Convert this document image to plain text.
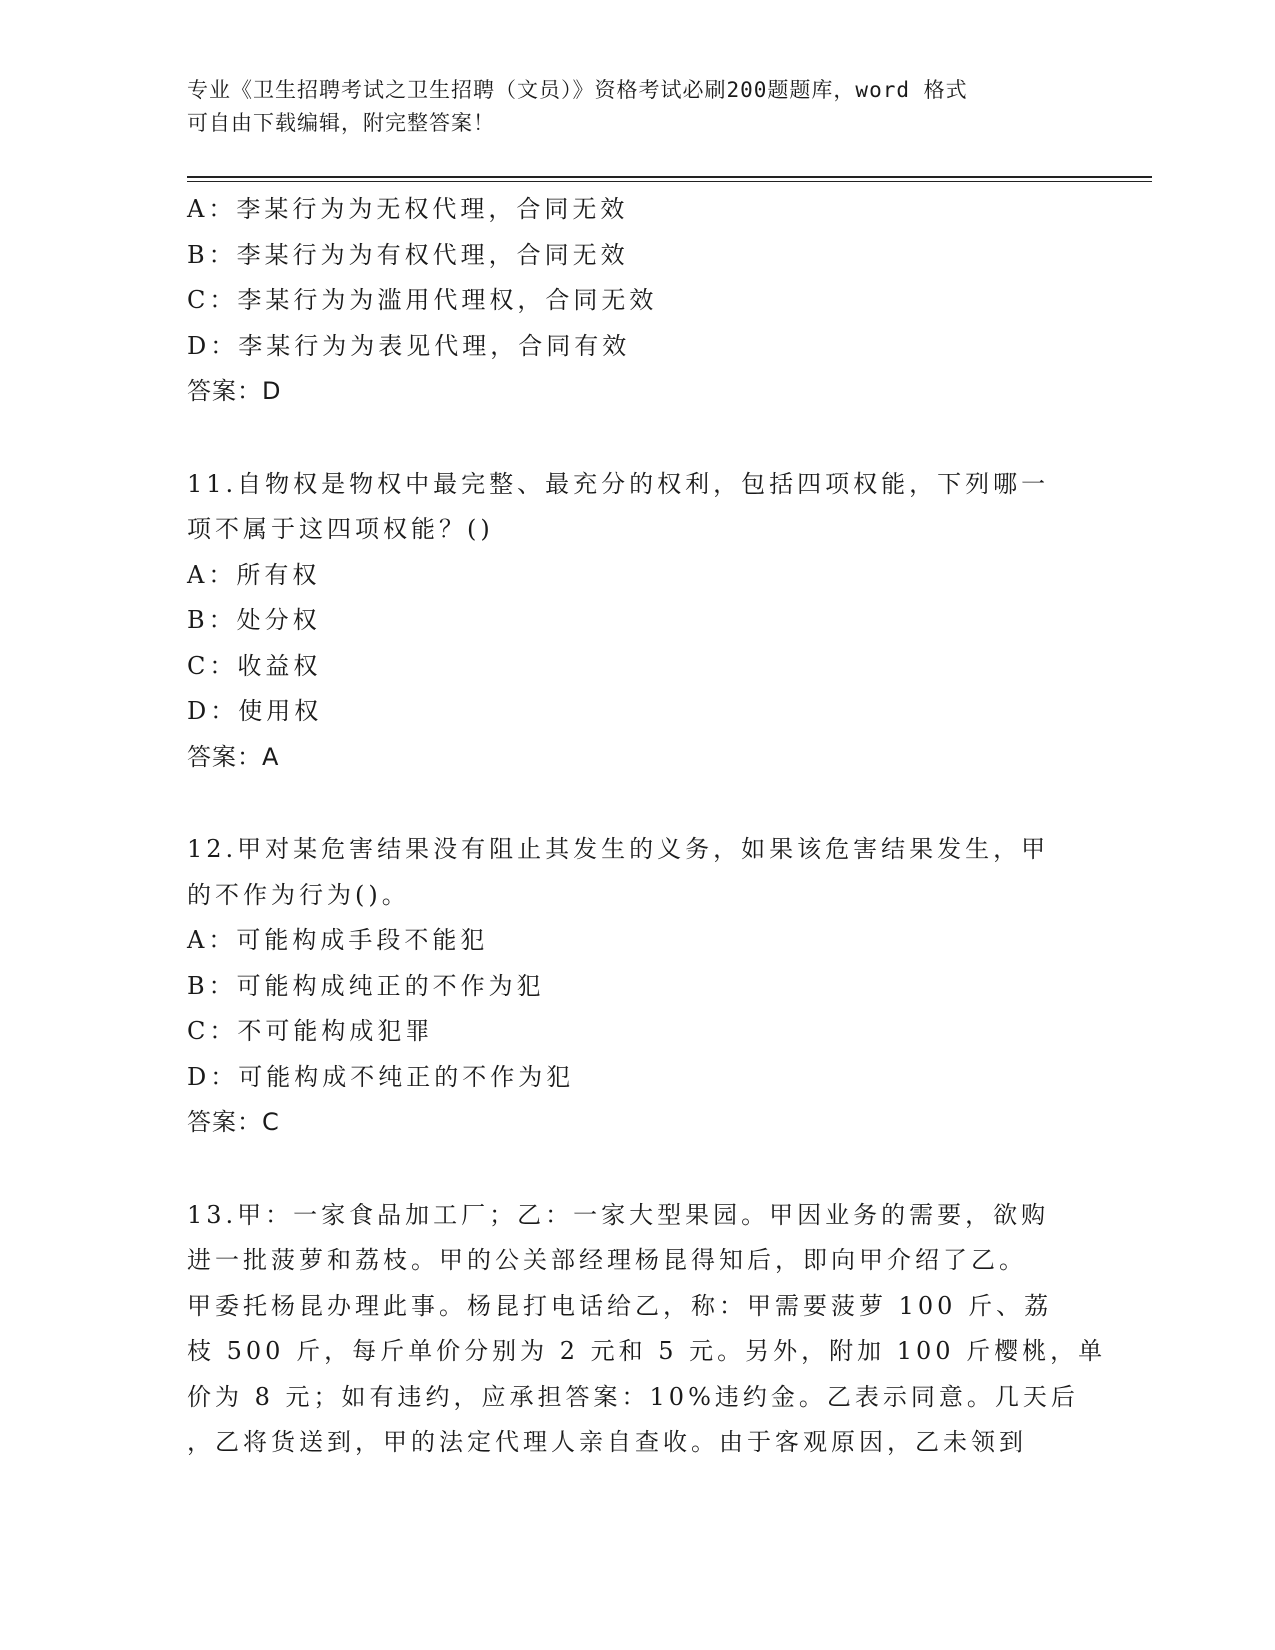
专业《卫生招聘考试之卫生招聘（文员）》资格考试必刷200题题库，word 格式
可自由下载编辑，附完整答案！
A：李某行为为无权代理，合同无效
B：李某行为为有权代理，合同无效
C：李某行为为滥用代理权，合同无效
D：李某行为为表见代理，合同有效
答案：D
11.自物权是物权中最完整、最充分的权利，包括四项权能，下列哪一
项不属于这四项权能？()
A：所有权
B：处分权
C：收益权
D：使用权
答案：A
12.甲对某危害结果没有阻止其发生的义务，如果该危害结果发生，甲
的不作为行为()。
A：可能构成手段不能犯
B：可能构成纯正的不作为犯
C：不可能构成犯罪
D：可能构成不纯正的不作为犯
答案：C
13.甲：一家食品加工厂；乙：一家大型果园。甲因业务的需要，欲购
进一批菠萝和荔枝。甲的公关部经理杨昆得知后，即向甲介绍了乙。
甲委托杨昆办理此事。杨昆打电话给乙，称：甲需要菠萝 100 斤、荔
枝 500 斤，每斤单价分别为 2 元和 5 元。另外，附加 100 斤樱桃，单
价为 8 元；如有违约，应承担答案：10%违约金。乙表示同意。几天后
，乙将货送到，甲的法定代理人亲自查收。由于客观原因，乙未领到
